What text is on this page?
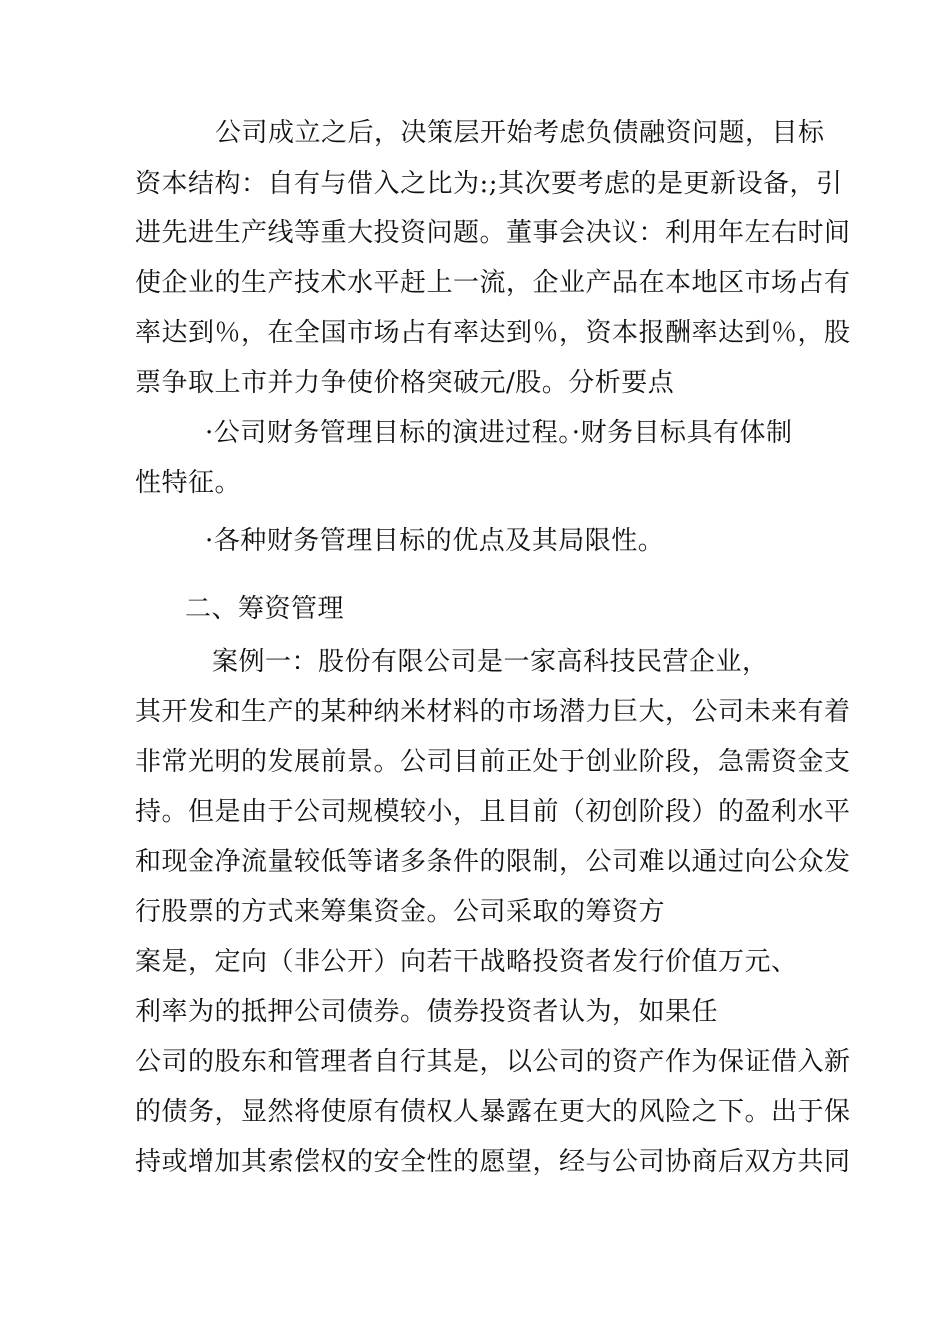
公司成立之后，决策层开始考虑负债融资问题，目标
资本结构：自有与借入之比为:;其次要考虑的是更新设备，引
进先进生产线等重大投资问题。董事会决议：利用年左右时间
使企业的生产技术水平赶上一流，企业产品在本地区市场占有
率达到％，在全国市场占有率达到％，资本报酬率达到％，股
票争取上市并力争使价格突破元/股。分析要点
·公司财务管理目标的演进过程。·财务目标具有体制
性特征。
·各种财务管理目标的优点及其局限性。
二、筹资管理
案例一：股份有限公司是一家高科技民营企业，
其开发和生产的某种纳米材料的市场潜力巨大，公司未来有着
非常光明的发展前景。公司目前正处于创业阶段，急需资金支
持。但是由于公司规模较小，且目前（初创阶段）的盈利水平
和现金净流量较低等诸多条件的限制，公司难以通过向公众发
行股票的方式来筹集资金。公司采取的筹资方
案是，定向（非公开）向若干战略投资者发行价值万元、
利率为的抵押公司债券。债券投资者认为，如果任
公司的股东和管理者自行其是，以公司的资产作为保证借入新
的债务，显然将使原有债权人暴露在更大的风险之下。出于保
持或增加其索偿权的安全性的愿望，经与公司协商后双方共同
